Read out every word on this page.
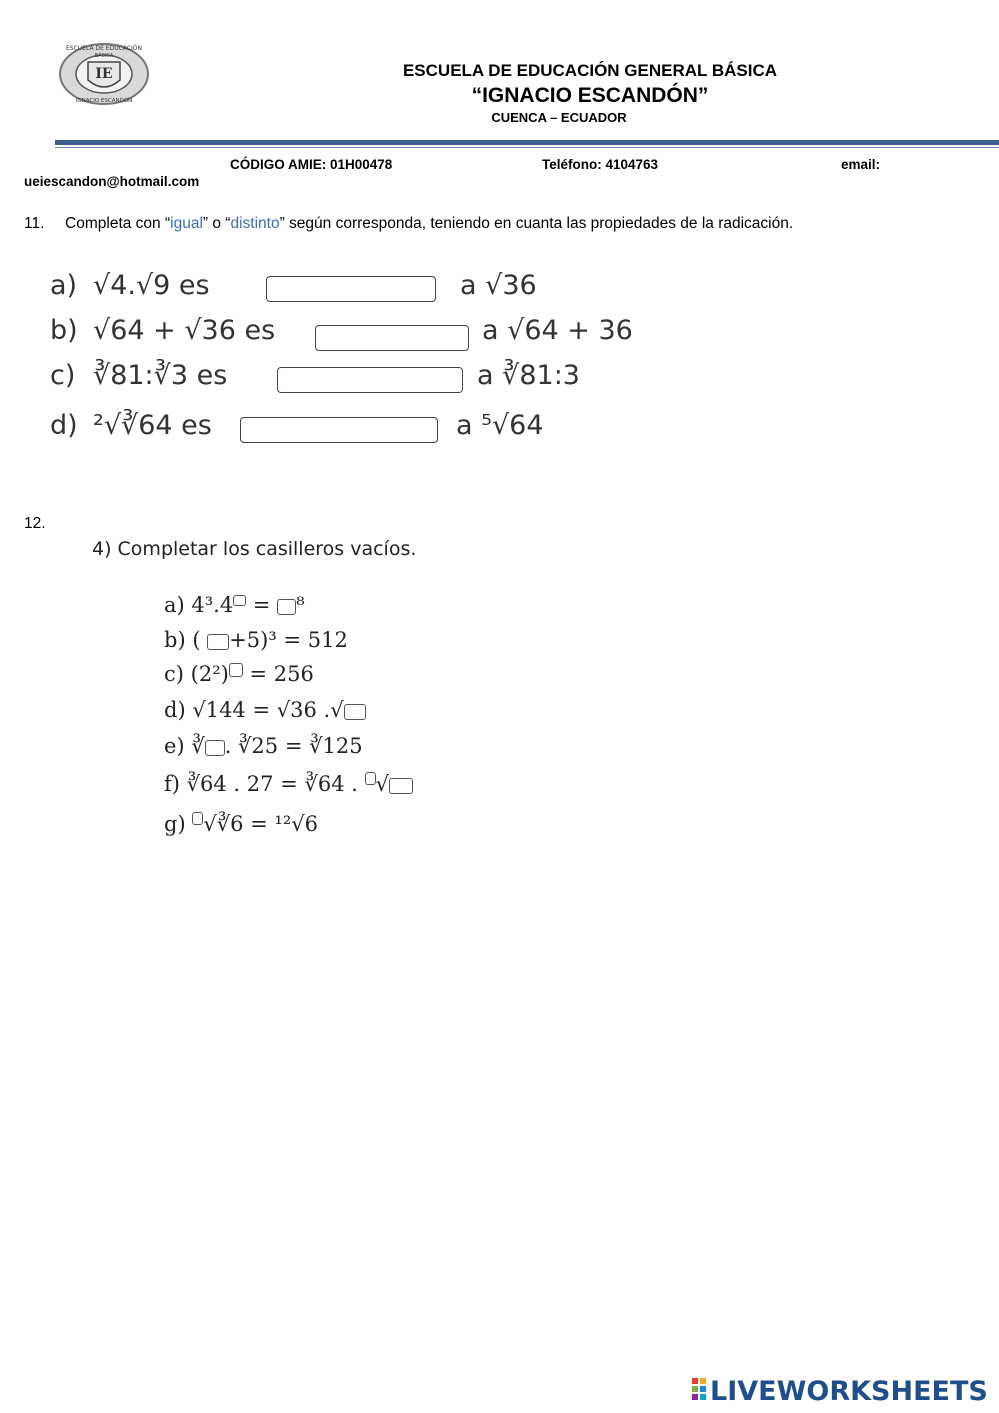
IE
ESCUELA DE EDUCACIÓN
BÁSICA
IGNACIO ESCANDÓN
ESCUELA DE EDUCACIÓN GENERAL BÁSICA
“IGNACIO ESCANDÓN”
CUENCA – ECUADOR
CÓDIGO AMIE: 01H00478	Teléfono: 4104763	email:
ueiescandon@hotmail.com
11. Completa con “igual” o “distinto” según corresponda, teniendo en cuanta las propiedades de la radicación.
a) √4.√9 es	a √36
b) √64 + √36 es	a √64 + 36
c) ∛81:∛3 es	a ∛81:3
d) ²√∛64 es	a ⁵√64
12.
4) Completar los casilleros vacíos.
a) 4³.4 = ⁸
b) ( +5)³ = 512
c) (2²) = 256
d) √144 = √36 .√
e) ∛ . ∛25 = ∛125
f) ∛64 . 27 = ∛64 . √
g) √∛6 = ¹²√6
LIVEWORKSHEETS
